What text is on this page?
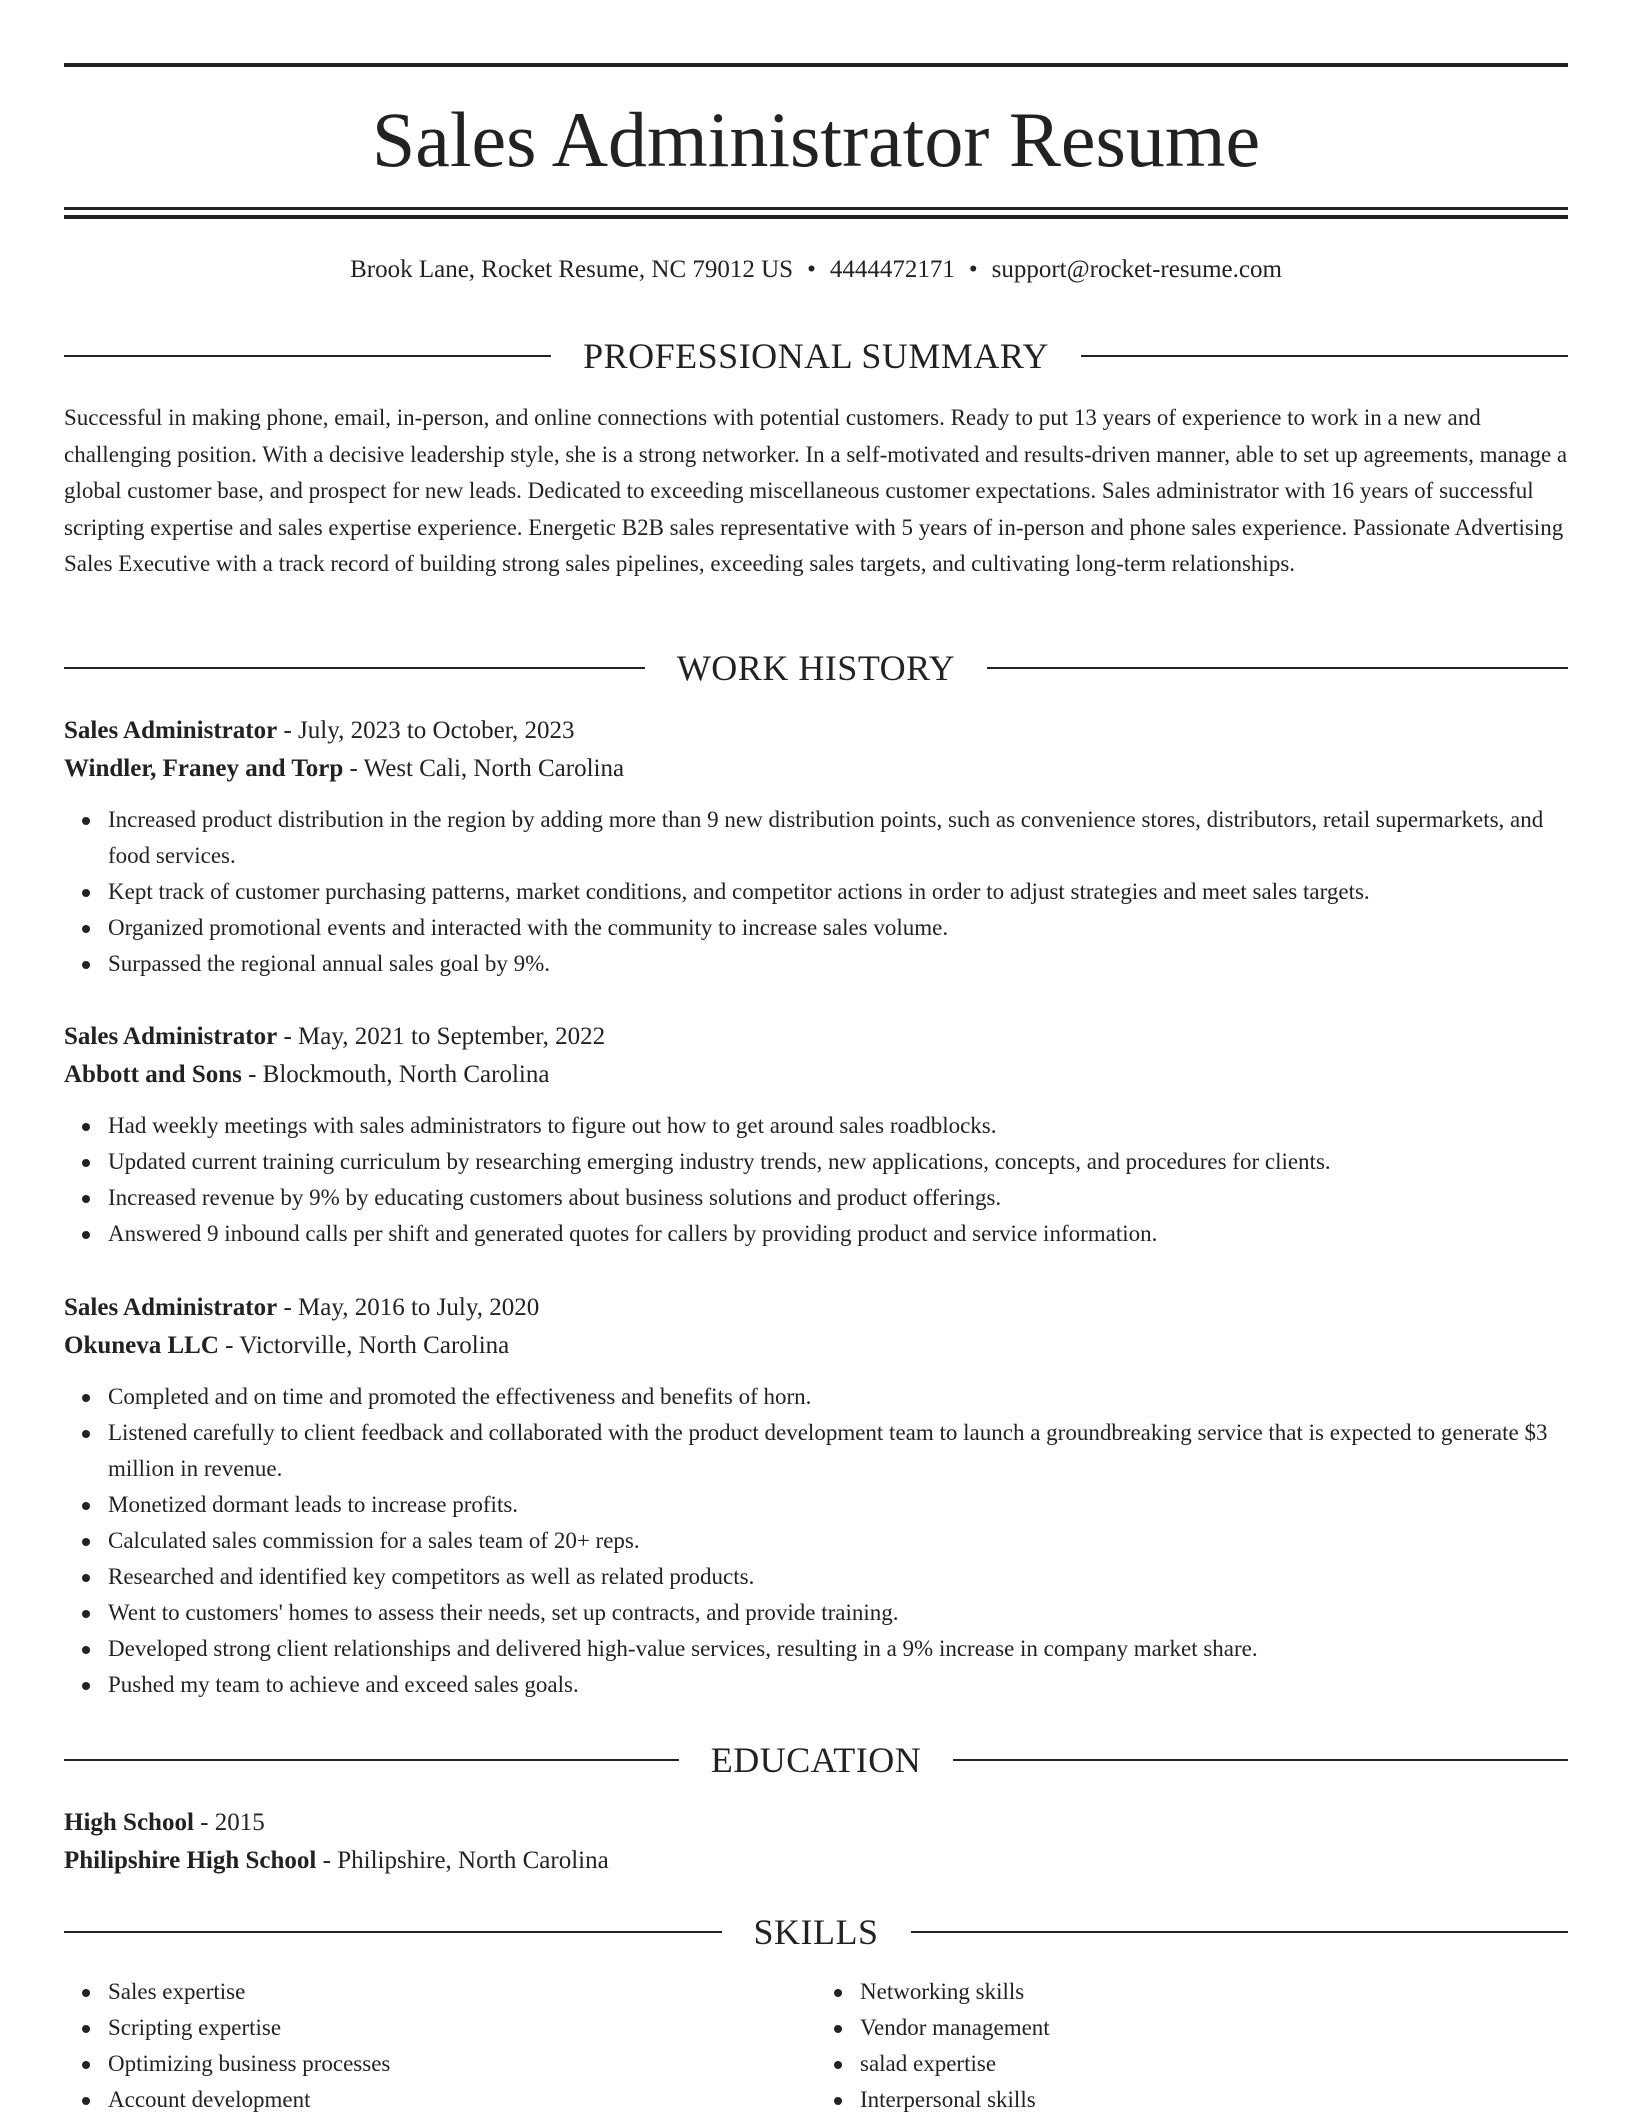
Sales Administrator Resume
Brook Lane, Rocket Resume, NC 79012 US • 4444472171 • support@rocket-resume.com
PROFESSIONAL SUMMARY

Successful in making phone, email, in-person, and online connections with potential customers. Ready to put 13 years of experience to work in a new and challenging position. With a decisive leadership style, she is a strong networker. In a self-motivated and results-driven manner, able to set up agreements, manage a global customer base, and prospect for new leads. Dedicated to exceeding miscellaneous customer expectations. Sales administrator with 16 years of successful scripting expertise and sales expertise experience. Energetic B2B sales representative with 5 years of in-person and phone sales experience. Passionate Advertising Sales Executive with a track record of building strong sales pipelines, exceeding sales targets, and cultivating long-term relationships.

WORK HISTORY
Sales Administrator - July, 2023 to October, 2023
Windler, Franey and Torp - West Cali, North Carolina
Increased product distribution in the region by adding more than 9 new distribution points, such as convenience stores, distributors, retail supermarkets, and food services.
Kept track of customer purchasing patterns, market conditions, and competitor actions in order to adjust strategies and meet sales targets.
Organized promotional events and interacted with the community to increase sales volume.
Surpassed the regional annual sales goal by 9%.
Sales Administrator - May, 2021 to September, 2022
Abbott and Sons - Blockmouth, North Carolina
Had weekly meetings with sales administrators to figure out how to get around sales roadblocks.
Updated current training curriculum by researching emerging industry trends, new applications, concepts, and procedures for clients.
Increased revenue by 9% by educating customers about business solutions and product offerings.
Answered 9 inbound calls per shift and generated quotes for callers by providing product and service information.
Sales Administrator - May, 2016 to July, 2020
Okuneva LLC - Victorville, North Carolina
Completed and on time and promoted the effectiveness and benefits of horn.
Listened carefully to client feedback and collaborated with the product development team to launch a groundbreaking service that is expected to generate $3 million in revenue.
Monetized dormant leads to increase profits.
Calculated sales commission for a sales team of 20+ reps.
Researched and identified key competitors as well as related products.
Went to customers' homes to assess their needs, set up contracts, and provide training.
Developed strong client relationships and delivered high-value services, resulting in a 9% increase in company market share.
Pushed my team to achieve and exceed sales goals.
EDUCATION
High School - 2015
Philipshire High School - Philipshire, North Carolina
SKILLS
Sales expertise
Scripting expertise
Optimizing business processes
Account development
Networking skills
Vendor management
salad expertise
Interpersonal skills
